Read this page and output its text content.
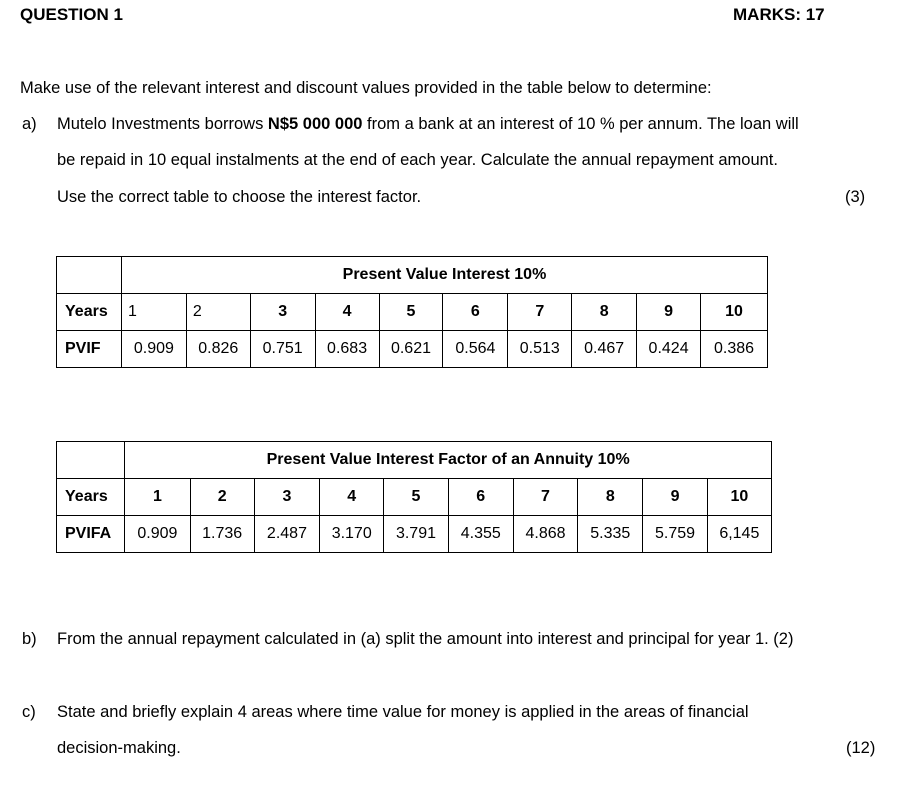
QUESTION 1	MARKS: 17
Make use of the relevant interest and discount values provided in the table below to determine:
a) Mutelo Investments borrows N$5 000 000 from a bank at an interest of 10 % per annum. The loan will
be repaid in 10 equal instalments at the end of each year. Calculate the annual repayment amount.
Use the correct table to choose the interest factor.	(3)
	Present Value Interest 10%									
Years	1	2	3	4	5	6	7	8	9	10
PVIF	0.909	0.826	0.751	0.683	0.621	0.564	0.513	0.467	0.424	0.386
	Present Value Interest Factor of an Annuity 10%									
Years	1	2	3	4	5	6	7	8	9	10
PVIFA	0.909	1.736	2.487	3.170	3.791	4.355	4.868	5.335	5.759	6,145
b) From the annual repayment calculated in (a) split the amount into interest and principal for year 1. (2)
c) State and briefly explain 4 areas where time value for money is applied in the areas of financial
decision-making.	(12)
